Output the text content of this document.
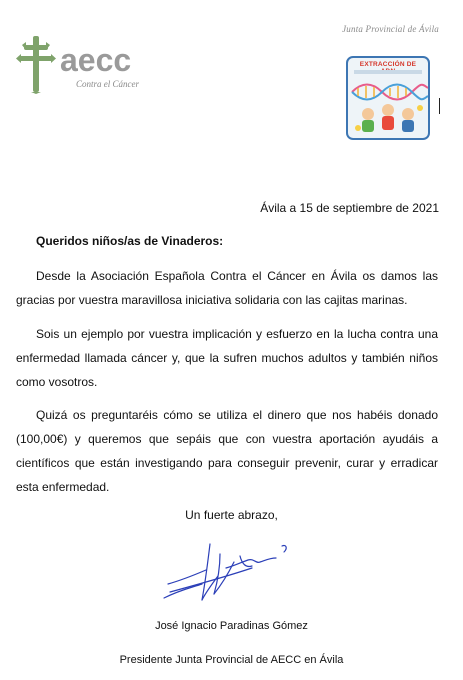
Junta Provincial de Ávila
aecc
Contra el Cáncer
EXTRACCIÓN DE
Ávila a 15 de septiembre de 2021

Queridos niños/as de Vinaderos:

Desde la Asociación Española Contra el Cáncer en Ávila os damos las gracias por vuestra maravillosa iniciativa solidaria con las cajitas marinas.

Sois un ejemplo por vuestra implicación y esfuerzo en la lucha contra una enfermedad llamada cáncer y, que la sufren muchos adultos y también niños como vosotros.

Quizá os preguntaréis cómo se utiliza el dinero que nos habéis donado (100,00€) y queremos que sepáis que con vuestra aportación ayudáis a científicos que están investigando para conseguir prevenir, curar y erradicar esta enfermedad.

Un fuerte abrazo,

José Ignacio Paradinas Gómez

Presidente Junta Provincial de AECC en Ávila
